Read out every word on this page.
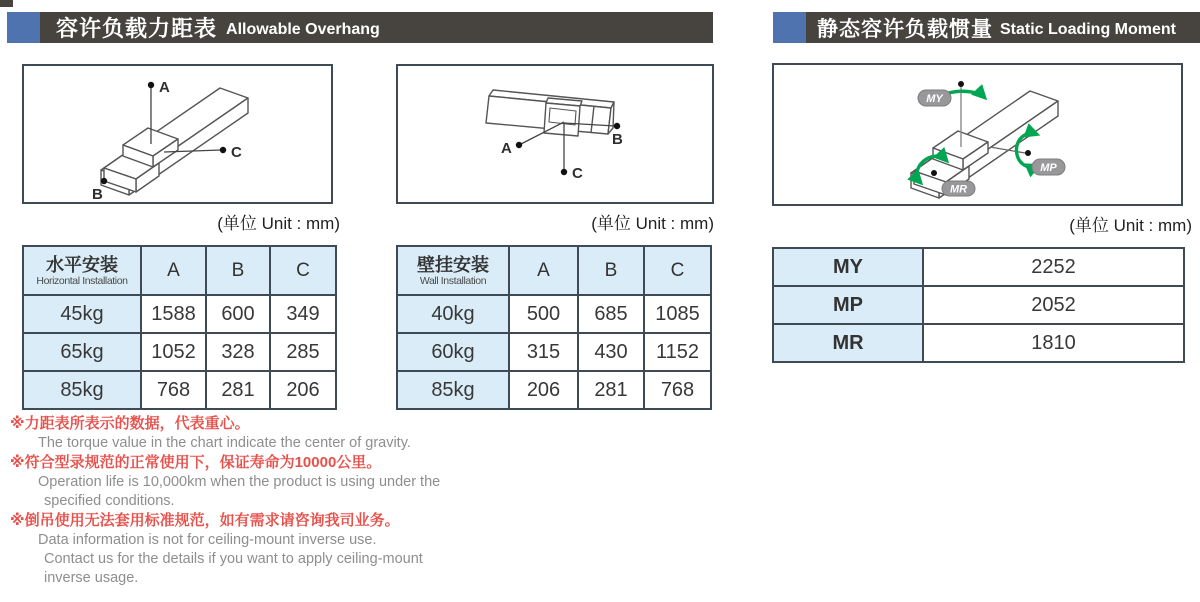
容许负载力距表 Allowable Overhang	静态容许负载惯量 Static Loading Moment
A
B
C
(单位 Unit : mm)
A
B
C
(单位 Unit : mm)
MY
MP
MR
(单位 Unit : mm)
水平安装
Horizontal Installation	A	B	C
45kg	1588	600	349
65kg	1052	328	285
85kg	768	281	206
壁挂安装
Wall Installation	A	B	C
40kg	500	685	1085
60kg	315	430	1152
85kg	206	281	768
MY	2252
MP	2052
MR	1810
※力距表所表示的数据，代表重心。
The torque value in the chart indicate the center of gravity.
※符合型录规范的正常使用下，保证寿命为10000公里。
Operation life is 10,000km when the product is using under the
specified conditions.
※倒吊使用无法套用标准规范，如有需求请咨询我司业务。
Data information is not for ceiling-mount inverse use.
Contact us for the details if you want to apply ceiling-mount
inverse usage.
